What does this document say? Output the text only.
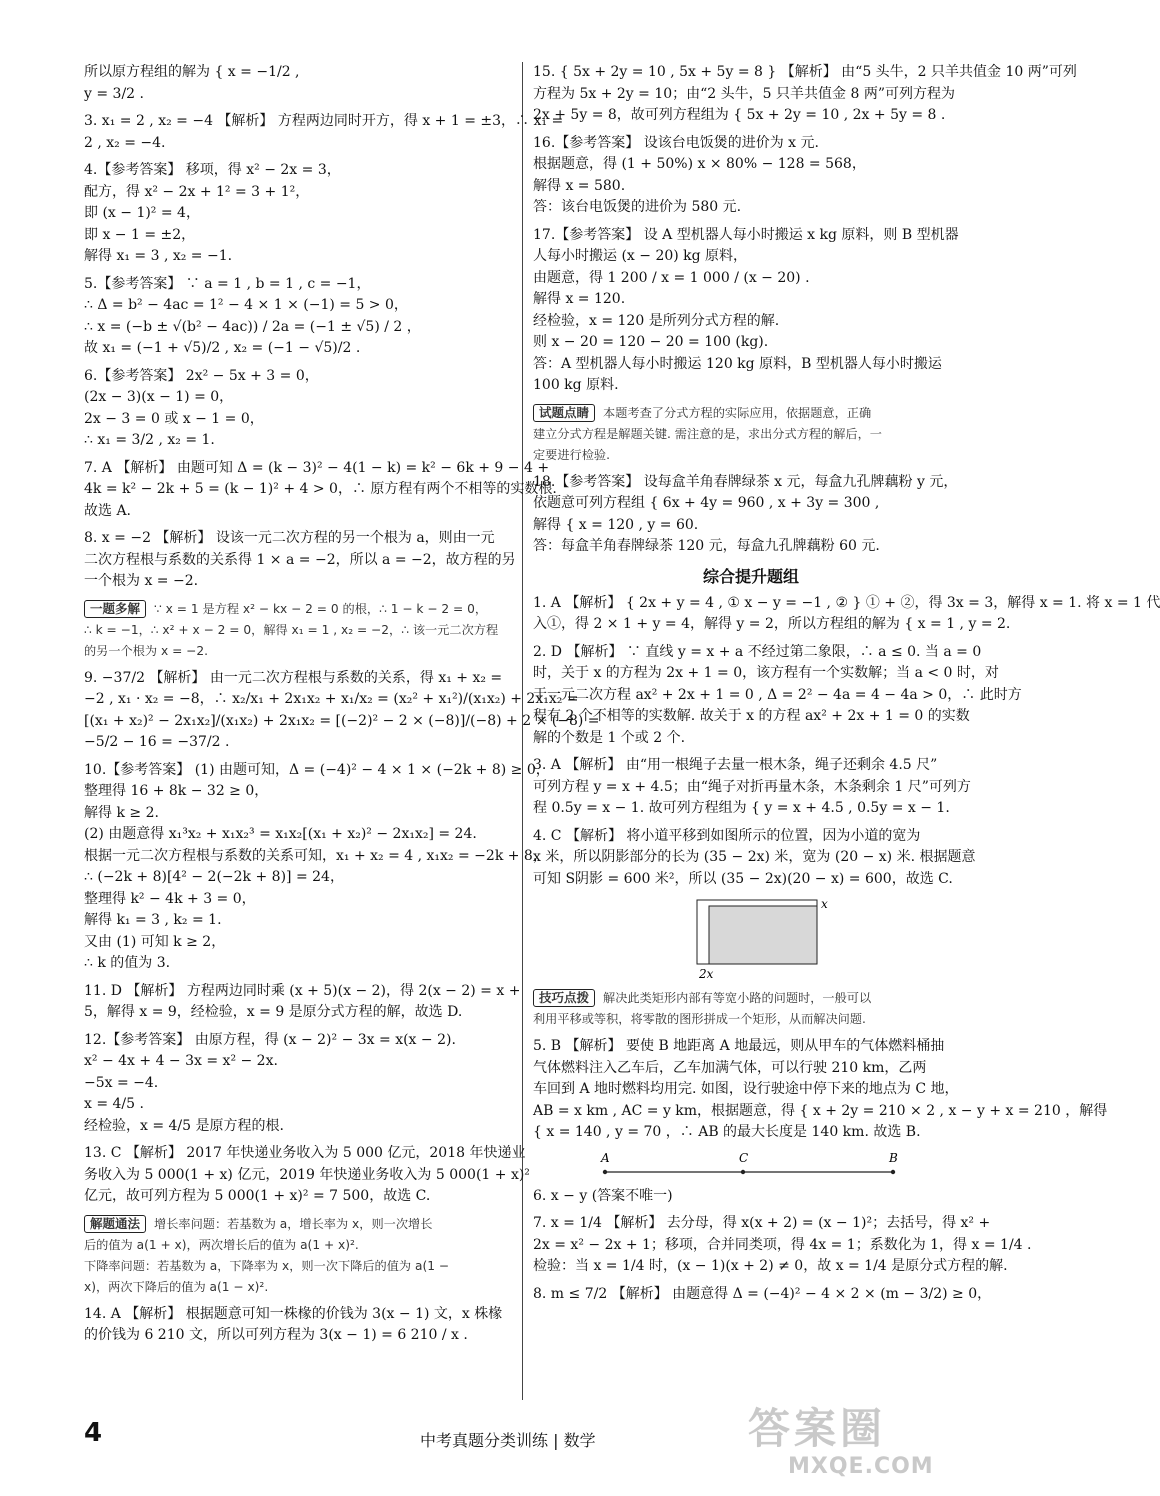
所以原方程组的解为 { x = −1/2 ,
y = 3/2 .
3. x₁ = 2 , x₂ = −4 【解析】 方程两边同时开方，得 x + 1 = ±3，∴ x₁ =
2 , x₂ = −4.
4.【参考答案】 移项，得 x² − 2x = 3，
配方，得 x² − 2x + 1² = 3 + 1²，
即 (x − 1)² = 4，
即 x − 1 = ±2，
解得 x₁ = 3 , x₂ = −1.
5.【参考答案】 ∵ a = 1 , b = 1 , c = −1，
∴ Δ = b² − 4ac = 1² − 4 × 1 × (−1) = 5 > 0，
∴ x = (−b ± √(b² − 4ac)) / 2a = (−1 ± √5) / 2 ，
故 x₁ = (−1 + √5)/2 , x₂ = (−1 − √5)/2 .
6.【参考答案】 2x² − 5x + 3 = 0，
(2x − 3)(x − 1) = 0，
2x − 3 = 0 或 x − 1 = 0，
∴ x₁ = 3/2 , x₂ = 1.
7. A 【解析】 由题可知 Δ = (k − 3)² − 4(1 − k) = k² − 6k + 9 − 4 +
4k = k² − 2k + 5 = (k − 1)² + 4 > 0，∴ 原方程有两个不相等的实数根.
故选 A.
8. x = −2 【解析】 设该一元二次方程的另一个根为 a，则由一元
二次方程根与系数的关系得 1 × a = −2，所以 a = −2，故方程的另
一个根为 x = −2.
一题多解 ∵ x = 1 是方程 x² − kx − 2 = 0 的根，∴ 1 − k − 2 = 0，
∴ k = −1，∴ x² + x − 2 = 0，解得 x₁ = 1 , x₂ = −2，∴ 该一元二次方程
的另一个根为 x = −2.
9. −37/2 【解析】 由一元二次方程根与系数的关系，得 x₁ + x₂ =
−2 , x₁ · x₂ = −8，∴ x₂/x₁ + 2x₁x₂ + x₁/x₂ = (x₂² + x₁²)/(x₁x₂) + 2x₁x₂ =
[(x₁ + x₂)² − 2x₁x₂]/(x₁x₂) + 2x₁x₂ = [(−2)² − 2 × (−8)]/(−8) + 2 × (−8) =
−5/2 − 16 = −37/2 .
10.【参考答案】 (1) 由题可知，Δ = (−4)² − 4 × 1 × (−2k + 8) ≥ 0，
整理得 16 + 8k − 32 ≥ 0，
解得 k ≥ 2.
(2) 由题意得 x₁³x₂ + x₁x₂³ = x₁x₂[(x₁ + x₂)² − 2x₁x₂] = 24.
根据一元二次方程根与系数的关系可知，x₁ + x₂ = 4 , x₁x₂ = −2k + 8，
∴ (−2k + 8)[4² − 2(−2k + 8)] = 24，
整理得 k² − 4k + 3 = 0，
解得 k₁ = 3 , k₂ = 1.
又由 (1) 可知 k ≥ 2，
∴ k 的值为 3.
11. D 【解析】 方程两边同时乘 (x + 5)(x − 2)，得 2(x − 2) = x +
5，解得 x = 9，经检验，x = 9 是原分式方程的解，故选 D.
12.【参考答案】 由原方程，得 (x − 2)² − 3x = x(x − 2).
x² − 4x + 4 − 3x = x² − 2x.
−5x = −4.
x = 4/5 .
经检验，x = 4/5 是原方程的根.
13. C 【解析】 2017 年快递业务收入为 5 000 亿元，2018 年快递业
务收入为 5 000(1 + x) 亿元，2019 年快递业务收入为 5 000(1 + x)²
亿元，故可列方程为 5 000(1 + x)² = 7 500，故选 C.
解题通法 增长率问题：若基数为 a，增长率为 x，则一次增长
后的值为 a(1 + x)，两次增长后的值为 a(1 + x)².
下降率问题：若基数为 a，下降率为 x，则一次下降后的值为 a(1 −
x)，两次下降后的值为 a(1 − x)².
14. A 【解析】 根据题意可知一株椽的价钱为 3(x − 1) 文，x 株椽
的价钱为 6 210 文，所以可列方程为 3(x − 1) = 6 210 / x .
15. { 5x + 2y = 10 , 5x + 5y = 8 } 【解析】 由“5 头牛，2 只羊共值金 10 两”可列
方程为 5x + 2y = 10；由“2 头牛，5 只羊共值金 8 两”可列方程为
2x + 5y = 8，故可列方程组为 { 5x + 2y = 10 , 2x + 5y = 8 .
16.【参考答案】 设该台电饭煲的进价为 x 元.
根据题意，得 (1 + 50%) x × 80% − 128 = 568，
解得 x = 580.
答：该台电饭煲的进价为 580 元.
17.【参考答案】 设 A 型机器人每小时搬运 x kg 原料，则 B 型机器
人每小时搬运 (x − 20) kg 原料，
由题意，得 1 200 / x = 1 000 / (x − 20) .
解得 x = 120.
经检验，x = 120 是所列分式方程的解.
则 x − 20 = 120 − 20 = 100 (kg).
答：A 型机器人每小时搬运 120 kg 原料，B 型机器人每小时搬运
100 kg 原料.
试题点睛 本题考查了分式方程的实际应用，依据题意，正确
建立分式方程是解题关键. 需注意的是，求出分式方程的解后，一
定要进行检验.
18.【参考答案】 设每盒羊角春牌绿茶 x 元，每盒九孔牌藕粉 y 元，
依题意可列方程组 { 6x + 4y = 960 , x + 3y = 300 ,
解得 { x = 120 , y = 60.
答：每盒羊角春牌绿茶 120 元，每盒九孔牌藕粉 60 元.
综合提升题组
1. A 【解析】 { 2x + y = 4 , ① x − y = −1 , ② } ① + ②，得 3x = 3，解得 x = 1. 将 x = 1 代
入①，得 2 × 1 + y = 4，解得 y = 2，所以方程组的解为 { x = 1 , y = 2.
2. D 【解析】 ∵ 直线 y = x + a 不经过第二象限，∴ a ≤ 0. 当 a = 0
时，关于 x 的方程为 2x + 1 = 0，该方程有一个实数解；当 a < 0 时，对
于一元二次方程 ax² + 2x + 1 = 0 , Δ = 2² − 4a = 4 − 4a > 0，∴ 此时方
程有 2 个不相等的实数解. 故关于 x 的方程 ax² + 2x + 1 = 0 的实数
解的个数是 1 个或 2 个.
3. A 【解析】 由“用一根绳子去量一根木条，绳子还剩余 4.5 尺”
可列方程 y = x + 4.5；由“绳子对折再量木条，木条剩余 1 尺”可列方
程 0.5y = x − 1. 故可列方程组为 { y = x + 4.5 , 0.5y = x − 1.
4. C 【解析】 将小道平移到如图所示的位置，因为小道的宽为
x 米，所以阴影部分的长为 (35 − 2x) 米，宽为 (20 − x) 米. 根据题意
可知 S阴影 = 600 米²，所以 (35 − 2x)(20 − x) = 600，故选 C.
x
2x
技巧点拨 解决此类矩形内部有等宽小路的问题时，一般可以
利用平移或等积，将零散的图形拼成一个矩形，从而解决问题.
5. B 【解析】 要使 B 地距离 A 地最远，则从甲车的气体燃料桶抽
气体燃料注入乙车后，乙车加满气体，可以行驶 210 km，乙两
车回到 A 地时燃料均用完. 如图，设行驶途中停下来的地点为 C 地，
AB = x km , AC = y km，根据题意，得 { x + 2y = 210 × 2 , x − y + x = 210 ，解得
{ x = 140 , y = 70 ，∴ AB 的最大长度是 140 km. 故选 B.
A	C	B
6. x − y (答案不唯一)
7. x = 1/4 【解析】 去分母，得 x(x + 2) = (x − 1)²；去括号，得 x² +
2x = x² − 2x + 1；移项，合并同类项，得 4x = 1；系数化为 1，得 x = 1/4 .
检验：当 x = 1/4 时，(x − 1)(x + 2) ≠ 0，故 x = 1/4 是原分式方程的解.
8. m ≤ 7/2 【解析】 由题意得 Δ = (−4)² − 4 × 2 × (m − 3/2) ≥ 0，
4	中考真题分类训练 | 数学	答案圈
MXQE.COM
